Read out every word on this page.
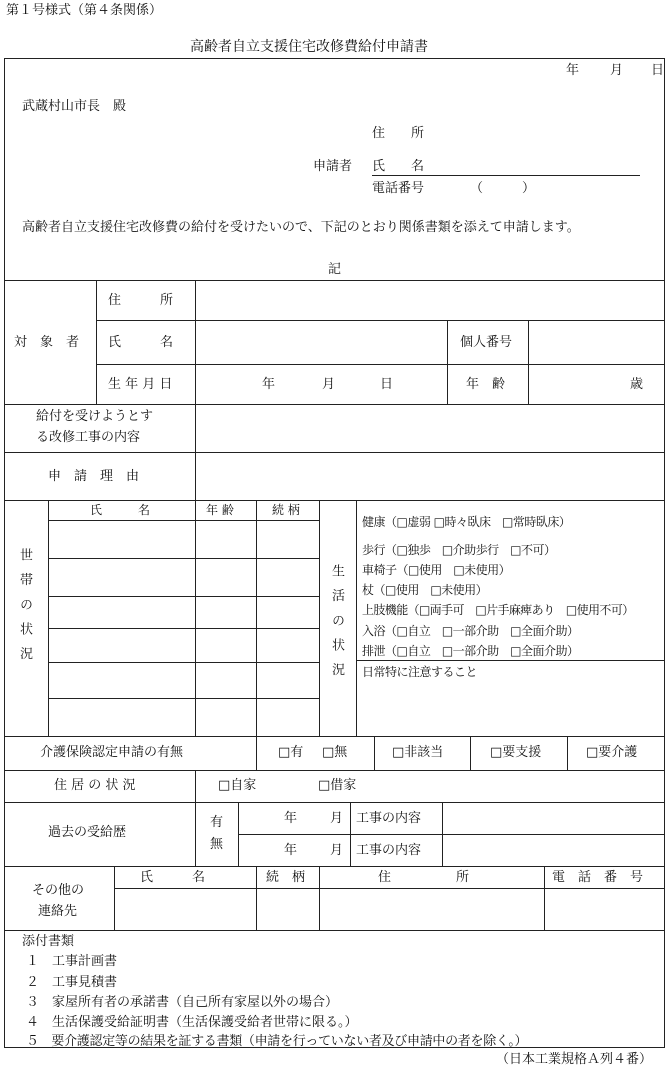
第１号様式（第４条関係）
高齢者自立支援住宅改修費給付申請書
年 月 日
武蔵村山市長　殿
住　　所
申請者 氏　　名
電話番号	（　　　）
高齢者自立支援住宅改修費の給付を受けたいので、下記のとおり関係書類を添えて申請します。
記
対　象　者
住　　　所
氏　　　名	個人番号
生 年 月 日	年	月	日	年　齢	歳
給付を受けようとす
る改修工事の内容
申　請　理　由
世帯の状況
氏　　　名	年 齢	続 柄
生活の状況
健康（□虚弱 □時々臥床　□常時臥床）
歩行（□独歩　□介助歩行　□不可）
車椅子（□使用　□未使用）
杖（□使用　□未使用）
上肢機能（□両手可　□片手麻痺あり　□使用不可）
入浴（□自立　□一部介助　□全面介助）
排泄（□自立　□一部介助　□全面介助）
日常特に注意すること
介護保険認定申請の有無	□有 □無	□非該当	□要支援	□要介護
住 居 の 状 況	□自家	□借家
過去の受給歴
有
無
年	月 工事の内容
年	月 工事の内容
その他の
連絡先
氏　　　名	続　柄	住　　　　　所	電　話　番　号
添付書類
１　工事計画書
２　工事見積書
３　家屋所有者の承諾書（自己所有家屋以外の場合）
４　生活保護受給証明書（生活保護受給者世帯に限る。）
５　要介護認定等の結果を証する書類（申請を行っていない者及び申請中の者を除く。）
（日本工業規格Ａ列４番）
